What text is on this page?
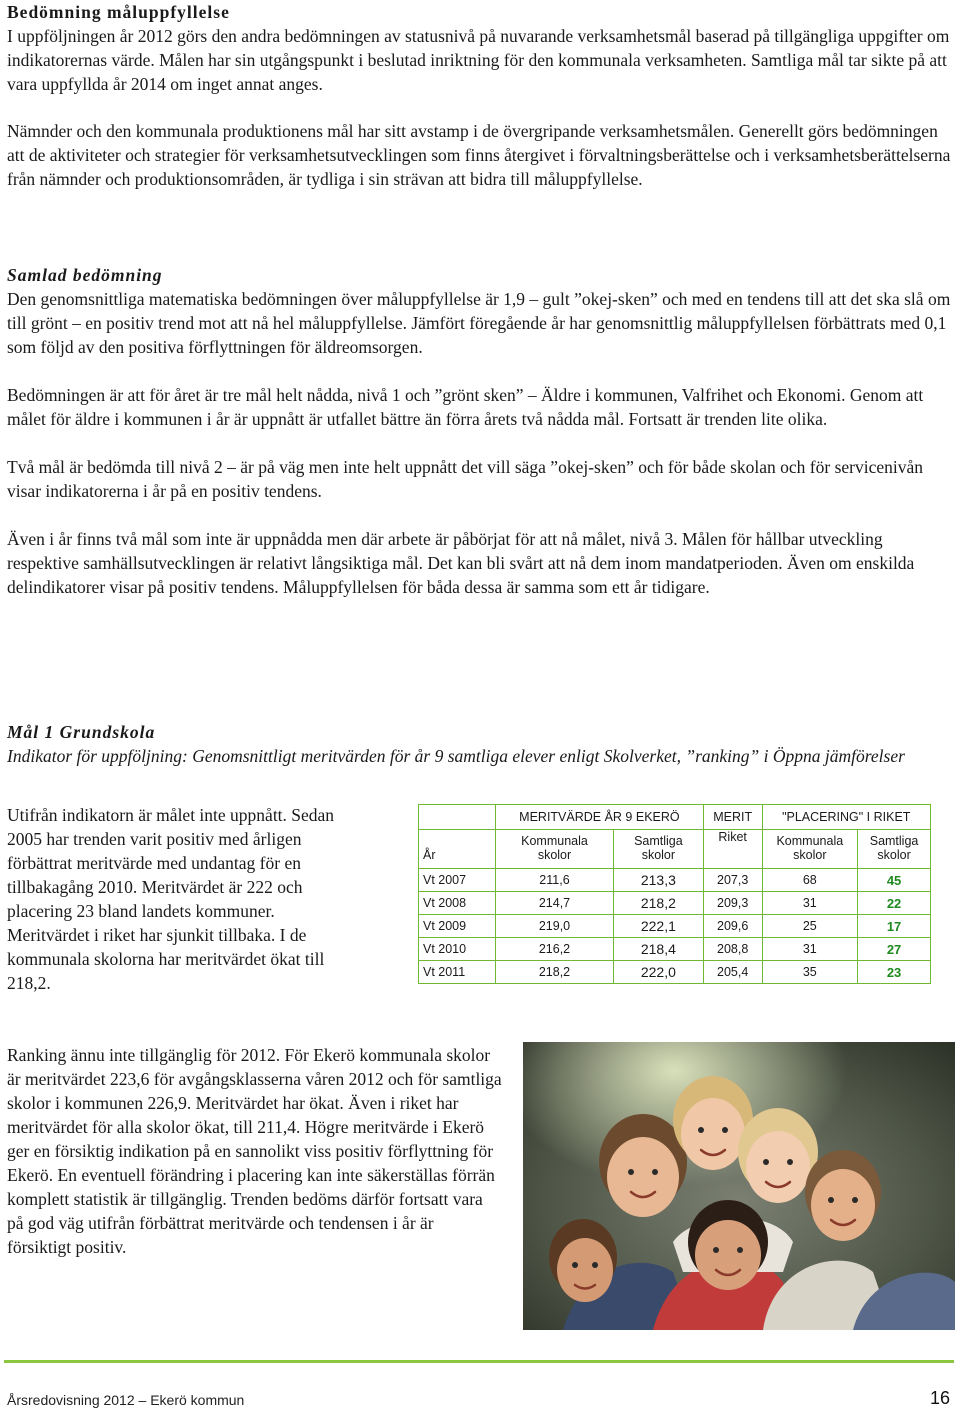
Bedömning måluppfyllelse

I uppföljningen år 2012 görs den andra bedömningen av statusnivå på nuvarande verksamhetsmål baserad på tillgängliga uppgifter om indikatorernas värde. Målen har sin utgångspunkt i beslutad inriktning för den kommunala verksamheten. Samtliga mål tar sikte på att vara uppfyllda år 2014 om inget annat anges.

Nämnder och den kommunala produktionens mål har sitt avstamp i de övergripande verksamhetsmålen. Generellt görs bedömningen att de aktiviteter och strategier för verksamhetsutvecklingen som finns återgivet i förvaltningsberättelse och i verksamhetsberättelserna från nämnder och produktionsområden, är tydliga i sin strävan att bidra till måluppfyllelse.

Samlad bedömning

Den genomsnittliga matematiska bedömningen över måluppfyllelse är 1,9 – gult ”okej-sken” och med en tendens till att det ska slå om till grönt – en positiv trend mot att nå hel måluppfyllelse. Jämfört föregående år har genomsnittlig måluppfyllelsen förbättrats med 0,1 som följd av den positiva förflyttningen för äldreomsorgen.

Bedömningen är att för året är tre mål helt nådda, nivå 1 och ”grönt sken” – Äldre i kommunen, Valfrihet och Ekonomi. Genom att målet för äldre i kommunen i år är uppnått är utfallet bättre än förra årets två nådda mål. Fortsatt är trenden lite olika.

Två mål är bedömda till nivå 2 – är på väg men inte helt uppnått det vill säga ”okej-sken” och för både skolan och för servicenivån visar indikatorerna i år på en positiv tendens.

Även i år finns två mål som inte är uppnådda men där arbete är påbörjat för att nå målet, nivå 3. Målen för hållbar utveckling respektive samhällsutvecklingen är relativt långsiktiga mål. Det kan bli svårt att nå dem inom mandatperioden. Även om enskilda delindikatorer visar på positiv tendens. Måluppfyllelsen för båda dessa är samma som ett år tidigare.

Mål 1 Grundskola

Indikator för uppföljning: Genomsnittligt meritvärden för år 9 samtliga elever enligt Skolverket, ”ranking” i Öppna jämförelser

Utifrån indikatorn är målet inte uppnått. Sedan 2005 har trenden varit positiv med årligen förbättrat meritvärde med undantag för en tillbakagång 2010. Meritvärdet är 222 och placering 23 bland landets kommuner. Meritvärdet i riket har sjunkit tillbaka. I de kommunala skolorna har meritvärdet ökat till 218,2.

	MERITVÄRDE ÅR 9 EKERÖ		MERIT	"PLACERING" I RIKET	
	Kommunala	Samtliga	Riket	Kommunala	Samtliga
År	skolor	skolor		skolor	skolor
Vt 2007	211,6	213,3	207,3	68	45
Vt 2008	214,7	218,2	209,3	31	22
Vt 2009	219,0	222,1	209,6	25	17
Vt 2010	216,2	218,4	208,8	31	27
Vt 2011	218,2	222,0	205,4	35	23

Ranking ännu inte tillgänglig för 2012. För Ekerö kommunala skolor är meritvärdet 223,6 för avgångsklasserna våren 2012 och för samtliga skolor i kommunen 226,9. Meritvärdet har ökat. Även i riket har meritvärdet för alla skolor ökat, till 211,4. Högre meritvärde i Ekerö ger en försiktig indikation på en sannolikt viss positiv förflyttning för Ekerö. En eventuell förändring i placering kan inte säkerställas förrän komplett statistik är tillgänglig. Trenden bedöms därför fortsatt vara på god väg utifrån förbättrat meritvärde och tendensen i år är försiktigt positiv.

Årsredovisning 2012 – Ekerö kommun	16
